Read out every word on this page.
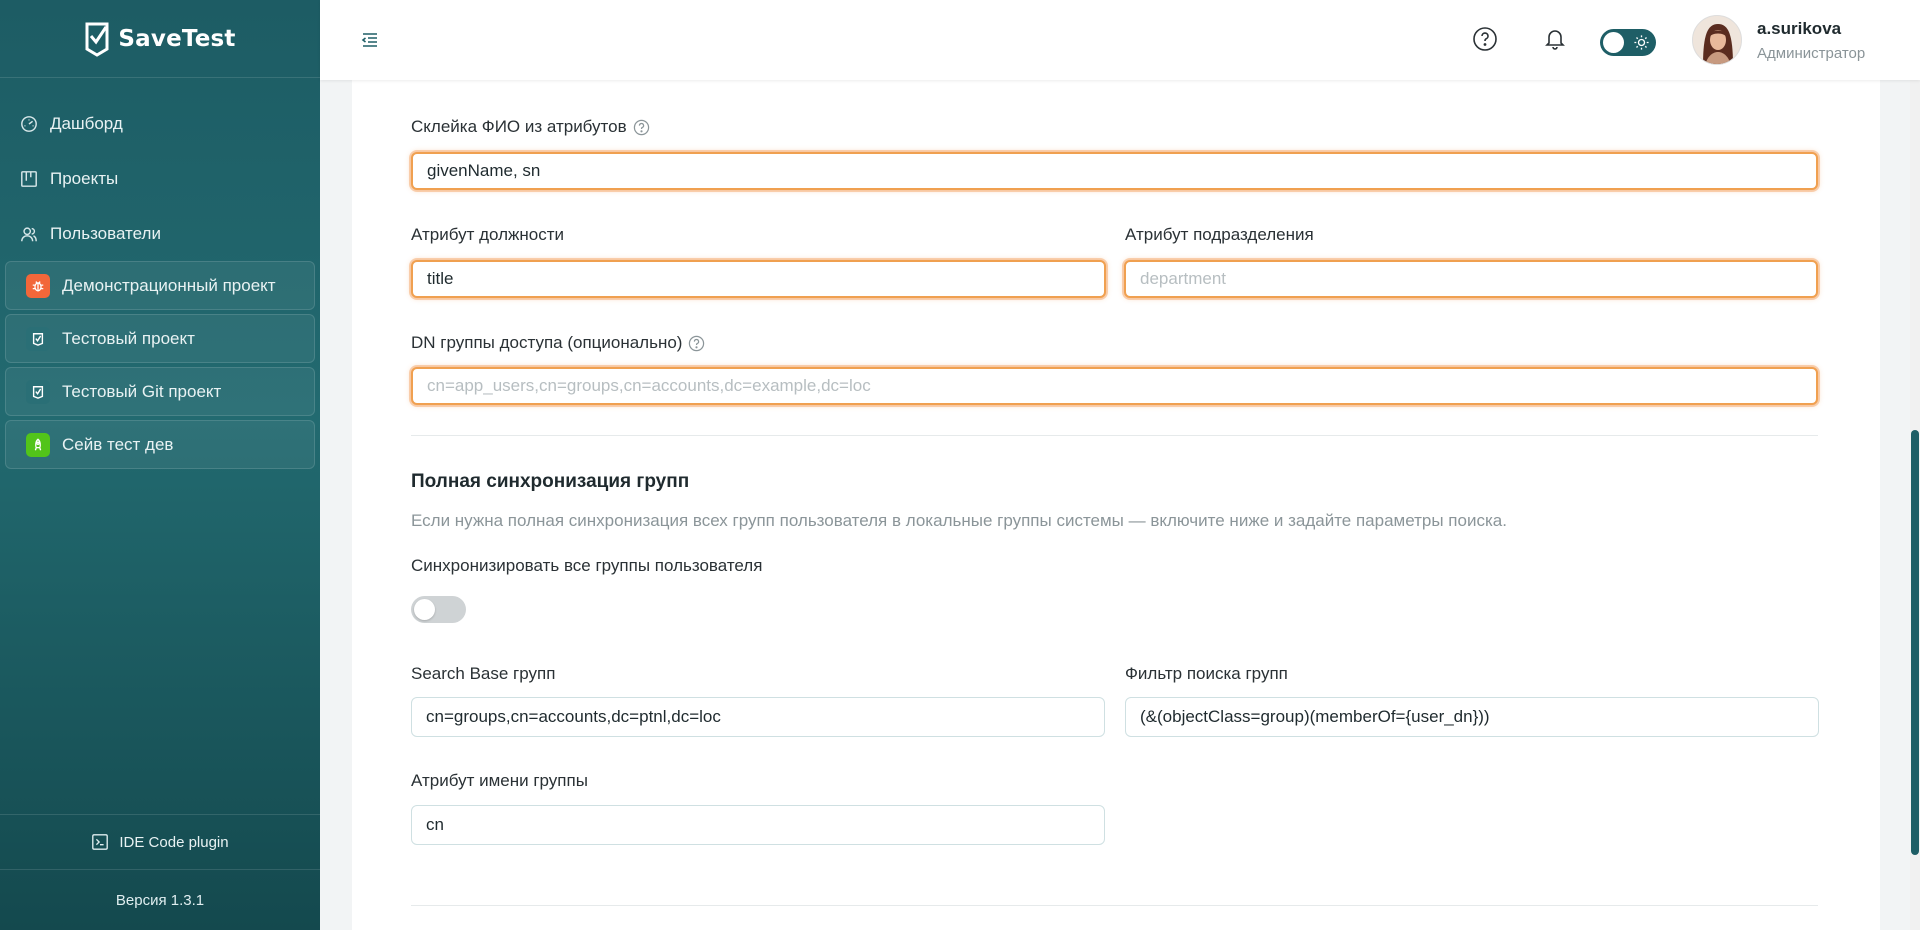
SaveTest
Дашборд
Проекты
Пользователи
Демонстрационный проект
Тестовый проект
Тестовый Git проект
Сейв тест дев
IDE Code plugin
Версия 1.3.1
Склейка ФИО из атрибутов
givenName, sn
Атрибут должности
title
Атрибут подразделения
department
DN группы доступа (опционально)
cn=app_users,cn=groups,cn=accounts,dc=example,dc=loc
Полная синхронизация групп
Если нужна полная синхронизация всех групп пользователя в локальные группы системы — включите ниже и задайте параметры поиска.
Синхронизировать все группы пользователя
Search Base групп
cn=groups,cn=accounts,dc=ptnl,dc=loc
Фильтр поиска групп
(&(objectClass=group)(memberOf={user_dn}))
Атрибут имени группы
cn
a.surikova
Администратор
